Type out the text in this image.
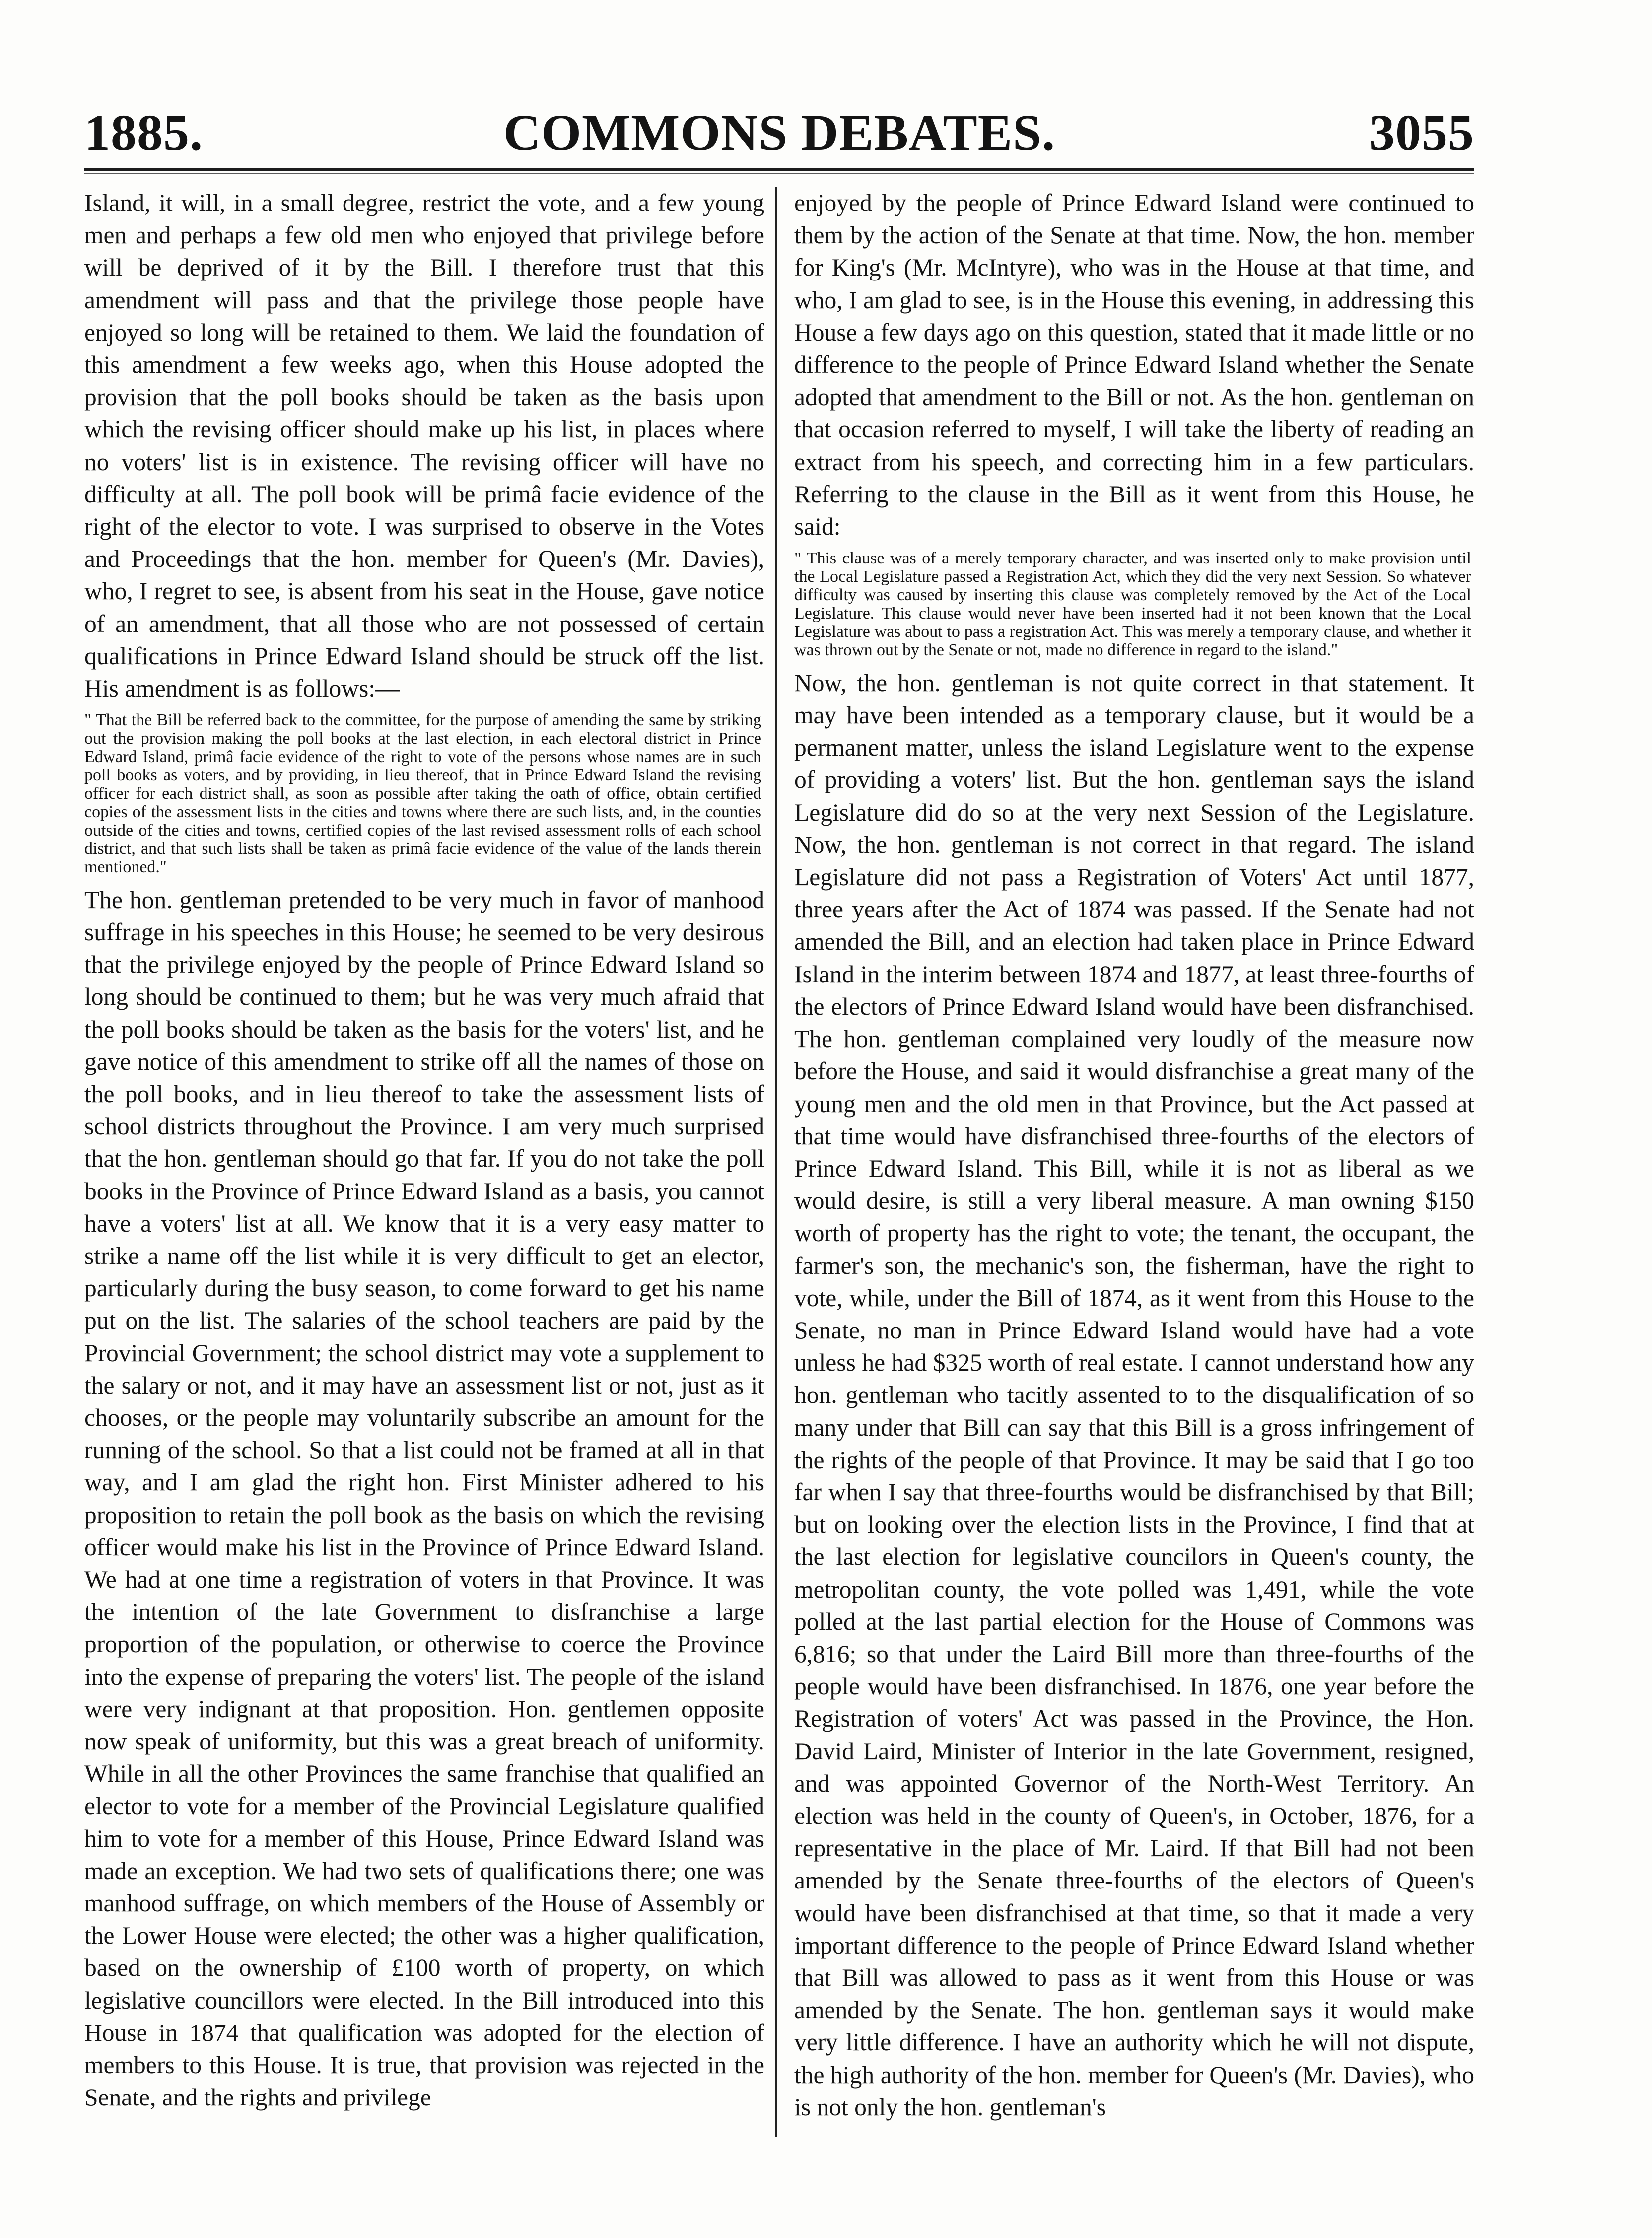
COMMONS DEBATES.
1885.	3055

Island, it will, in a small degree, restrict the vote, and a few young men and perhaps a few old men who enjoyed that privilege before will be deprived of it by the Bill. I therefore trust that this amendment will pass and that the privilege those people have enjoyed so long will be retained to them. We laid the foundation of this amendment a few weeks ago, when this House adopted the provision that the poll books should be taken as the basis upon which the revising officer should make up his list, in places where no voters' list is in existence. The revising officer will have no difficulty at all. The poll book will be primâ facie evidence of the right of the elector to vote. I was surprised to observe in the Votes and Proceedings that the hon. member for Queen's (Mr. Davies), who, I regret to see, is absent from his seat in the House, gave notice of an amendment, that all those who are not possessed of certain qualifications in Prince Edward Island should be struck off the list. His amendment is as follows:—

" That the Bill be referred back to the committee, for the purpose of amending the same by striking out the provision making the poll books at the last election, in each electoral district in Prince Edward Island, primâ facie evidence of the right to vote of the persons whose names are in such poll books as voters, and by providing, in lieu thereof, that in Prince Edward Island the revising officer for each district shall, as soon as possible after taking the oath of office, obtain certified copies of the assessment lists in the cities and towns where there are such lists, and, in the counties outside of the cities and towns, certified copies of the last revised assessment rolls of each school district, and that such lists shall be taken as primâ facie evidence of the value of the lands therein mentioned."

The hon. gentleman pretended to be very much in favor of manhood suffrage in his speeches in this House; he seemed to be very desirous that the privilege enjoyed by the people of Prince Edward Island so long should be continued to them; but he was very much afraid that the poll books should be taken as the basis for the voters' list, and he gave notice of this amendment to strike off all the names of those on the poll books, and in lieu thereof to take the assessment lists of school districts throughout the Province. I am very much surprised that the hon. gentleman should go that far. If you do not take the poll books in the Province of Prince Edward Island as a basis, you cannot have a voters' list at all. We know that it is a very easy matter to strike a name off the list while it is very difficult to get an elector, particularly during the busy season, to come forward to get his name put on the list. The salaries of the school teachers are paid by the Provincial Government; the school district may vote a supplement to the salary or not, and it may have an assessment list or not, just as it chooses, or the people may voluntarily subscribe an amount for the running of the school. So that a list could not be framed at all in that way, and I am glad the right hon. First Minister adhered to his proposition to retain the poll book as the basis on which the revising officer would make his list in the Province of Prince Edward Island. We had at one time a registration of voters in that Province. It was the intention of the late Government to disfranchise a large proportion of the population, or otherwise to coerce the Province into the expense of preparing the voters' list. The people of the island were very indignant at that proposition. Hon. gentlemen opposite now speak of uniformity, but this was a great breach of uniformity. While in all the other Provinces the same franchise that qualified an elector to vote for a member of the Provincial Legislature qualified him to vote for a member of this House, Prince Edward Island was made an exception. We had two sets of qualifications there; one was manhood suffrage, on which members of the House of Assembly or the Lower House were elected; the other was a higher qualification, based on the ownership of £100 worth of property, on which legislative councillors were elected. In the Bill introduced into this House in 1874 that qualification was adopted for the election of members to this House. It is true, that provision was rejected in the Senate, and the rights and privilege

enjoyed by the people of Prince Edward Island were continued to them by the action of the Senate at that time. Now, the hon. member for King's (Mr. McIntyre), who was in the House at that time, and who, I am glad to see, is in the House this evening, in addressing this House a few days ago on this question, stated that it made little or no difference to the people of Prince Edward Island whether the Senate adopted that amendment to the Bill or not. As the hon. gentleman on that occasion referred to myself, I will take the liberty of reading an extract from his speech, and correcting him in a few particulars. Referring to the clause in the Bill as it went from this House, he said:

" This clause was of a merely temporary character, and was inserted only to make provision until the Local Legislature passed a Registration Act, which they did the very next Session. So whatever difficulty was caused by inserting this clause was completely removed by the Act of the Local Legislature. This clause would never have been inserted had it not been known that the Local Legislature was about to pass a registration Act. This was merely a temporary clause, and whether it was thrown out by the Senate or not, made no difference in regard to the island."

Now, the hon. gentleman is not quite correct in that statement. It may have been intended as a temporary clause, but it would be a permanent matter, unless the island Legislature went to the expense of providing a voters' list. But the hon. gentleman says the island Legislature did do so at the very next Session of the Legislature. Now, the hon. gentleman is not correct in that regard. The island Legislature did not pass a Registration of Voters' Act until 1877, three years after the Act of 1874 was passed. If the Senate had not amended the Bill, and an election had taken place in Prince Edward Island in the interim between 1874 and 1877, at least three-fourths of the electors of Prince Edward Island would have been disfranchised. The hon. gentleman complained very loudly of the measure now before the House, and said it would disfranchise a great many of the young men and the old men in that Province, but the Act passed at that time would have disfranchised three-fourths of the electors of Prince Edward Island. This Bill, while it is not as liberal as we would desire, is still a very liberal measure. A man owning $150 worth of property has the right to vote; the tenant, the occupant, the farmer's son, the mechanic's son, the fisherman, have the right to vote, while, under the Bill of 1874, as it went from this House to the Senate, no man in Prince Edward Island would have had a vote unless he had $325 worth of real estate. I cannot understand how any hon. gentleman who tacitly assented to to the disqualification of so many under that Bill can say that this Bill is a gross infringement of the rights of the people of that Province. It may be said that I go too far when I say that three-fourths would be disfranchised by that Bill; but on looking over the election lists in the Province, I find that at the last election for legislative councilors in Queen's county, the metropolitan county, the vote polled was 1,491, while the vote polled at the last partial election for the House of Commons was 6,816; so that under the Laird Bill more than three-fourths of the people would have been disfranchised. In 1876, one year before the Registration of voters' Act was passed in the Province, the Hon. David Laird, Minister of Interior in the late Government, resigned, and was appointed Governor of the North-West Territory. An election was held in the county of Queen's, in October, 1876, for a representative in the place of Mr. Laird. If that Bill had not been amended by the Senate three-fourths of the electors of Queen's would have been disfranchised at that time, so that it made a very important difference to the people of Prince Edward Island whether that Bill was allowed to pass as it went from this House or was amended by the Senate. The hon. gentleman says it would make very little difference. I have an authority which he will not dispute, the high authority of the hon. member for Queen's (Mr. Davies), who is not only the hon. gentleman's
